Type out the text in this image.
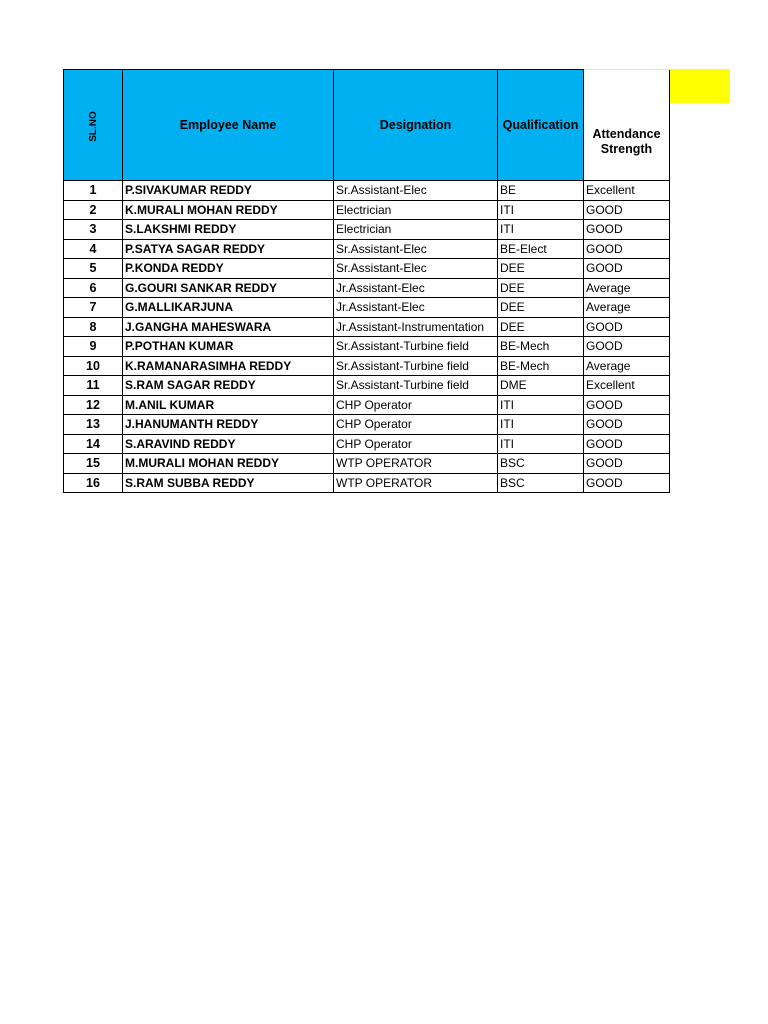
SL.NO	Employee Name	Designation	Qualification	Attendance Strength
1	P.SIVAKUMAR REDDY	Sr.Assistant-Elec	BE	Excellent
2	K.MURALI MOHAN REDDY	Electrician	ITI	GOOD
3	S.LAKSHMI REDDY	Electrician	ITI	GOOD
4	P.SATYA SAGAR REDDY	Sr.Assistant-Elec	BE-Elect	GOOD
5	P.KONDA REDDY	Sr.Assistant-Elec	DEE	GOOD
6	G.GOURI SANKAR REDDY	Jr.Assistant-Elec	DEE	Average
7	G.MALLIKARJUNA	Jr.Assistant-Elec	DEE	Average
8	J.GANGHA MAHESWARA	Jr.Assistant-Instrumentation	DEE	GOOD
9	P.POTHAN KUMAR	Sr.Assistant-Turbine field	BE-Mech	GOOD
10	K.RAMANARASIMHA REDDY	Sr.Assistant-Turbine field	BE-Mech	Average
11	S.RAM SAGAR REDDY	Sr.Assistant-Turbine field	DME	Excellent
12	M.ANIL KUMAR	CHP Operator	ITI	GOOD
13	J.HANUMANTH REDDY	CHP Operator	ITI	GOOD
14	S.ARAVIND REDDY	CHP Operator	ITI	GOOD
15	M.MURALI MOHAN REDDY	WTP OPERATOR	BSC	GOOD
16	S.RAM SUBBA REDDY	WTP OPERATOR	BSC	GOOD
